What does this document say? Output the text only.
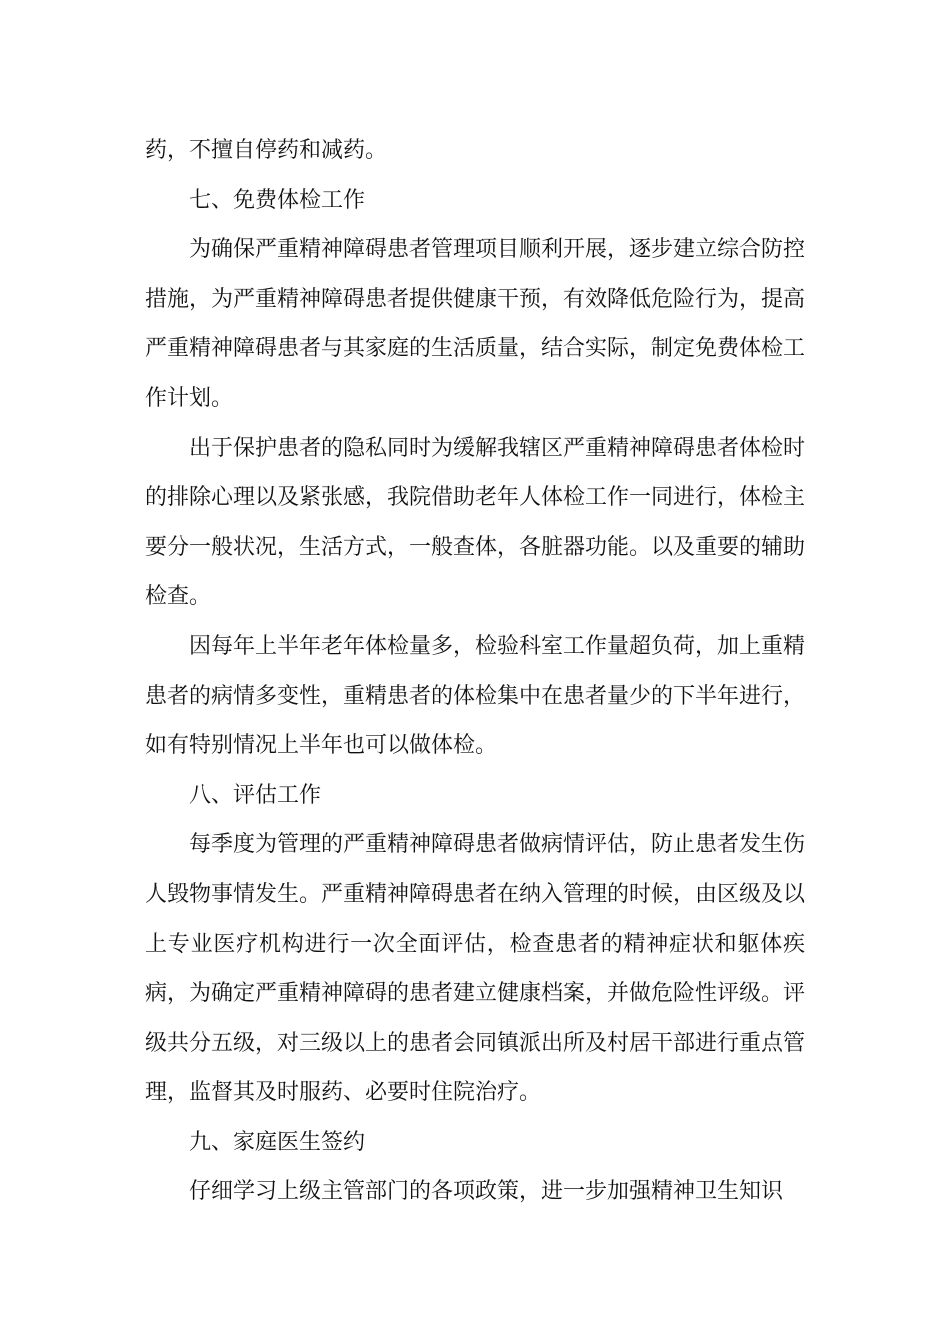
药，不擅自停药和减药。

七、免费体检工作

为确保严重精神障碍患者管理项目顺利开展，逐步建立综合防控措施，为严重精神障碍患者提供健康干预，有效降低危险行为，提高严重精神障碍患者与其家庭的生活质量，结合实际，制定免费体检工作计划。

出于保护患者的隐私同时为缓解我辖区严重精神障碍患者体检时的排除心理以及紧张感，我院借助老年人体检工作一同进行，体检主要分一般状况，生活方式，一般查体，各脏器功能。以及重要的辅助检查。

因每年上半年老年体检量多，检验科室工作量超负荷，加上重精患者的病情多变性，重精患者的体检集中在患者量少的下半年进行，如有特别情况上半年也可以做体检。

八、评估工作

每季度为管理的严重精神障碍患者做病情评估，防止患者发生伤人毁物事情发生。严重精神障碍患者在纳入管理的时候，由区级及以上专业医疗机构进行一次全面评估，检查患者的精神症状和躯体疾病，为确定严重精神障碍的患者建立健康档案，并做危险性评级。评级共分五级，对三级以上的患者会同镇派出所及村居干部进行重点管理，监督其及时服药、必要时住院治疗。

九、家庭医生签约

仔细学习上级主管部门的各项政策，进一步加强精神卫生知识
